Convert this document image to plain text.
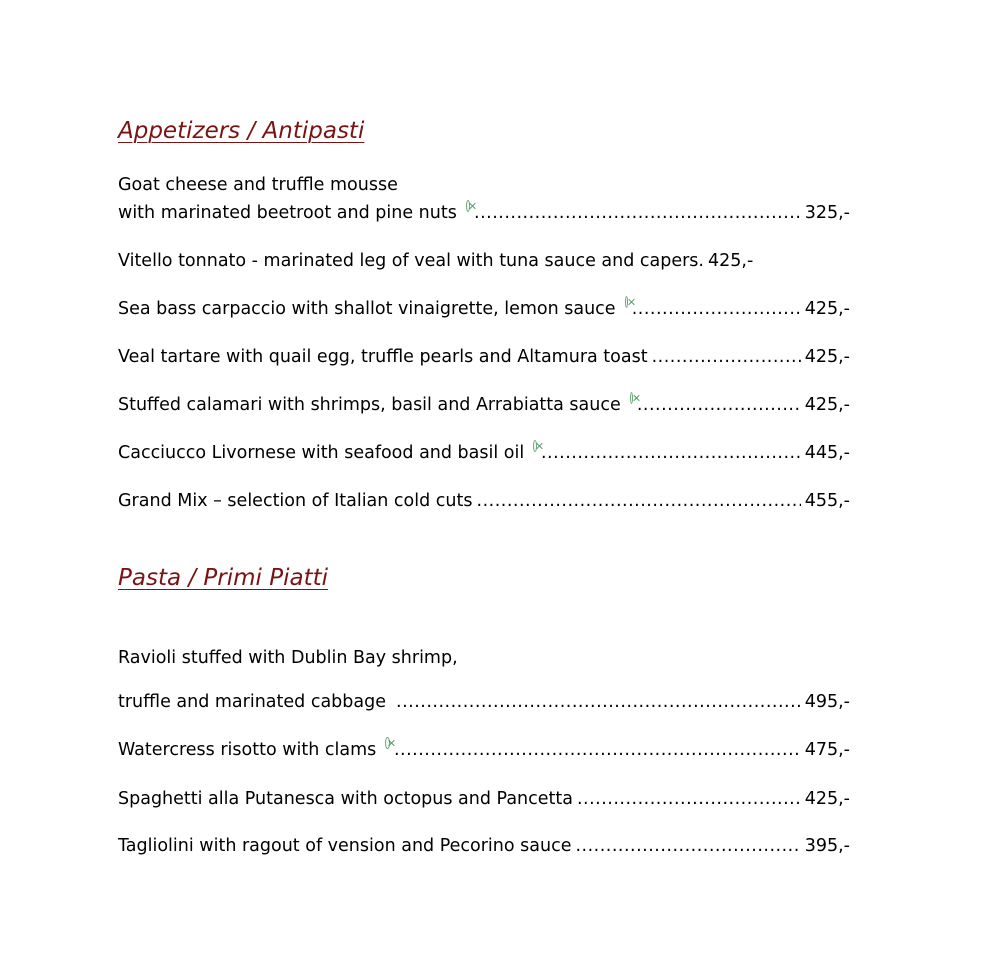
Appetizers / Antipasti
Goat cheese and truffle mousse
with marinated beetroot and pine nuts .....	325,-
Vitello tonnato - marinated leg of veal with tuna sauce and capers. 425,-
Sea bass carpaccio with shallot vinaigrette, lemon sauce .....	425,-
Veal tartare with quail egg, truffle pearls and Altamura toast .....	425,-
Stuffed calamari with shrimps, basil and Arrabiatta sauce .....	425,-
Cacciucco Livornese with seafood and basil oil .....	445,-
Grand Mix – selection of Italian cold cuts .....	455,-
Pasta / Primi Piatti
Ravioli stuffed with Dublin Bay shrimp,
truffle and marinated cabbage .....	495,-
Watercress risotto with clams .....	475,-
Spaghetti alla Putanesca with octopus and Pancetta .....	425,-
Tagliolini with ragout of vension and Pecorino sauce .....	395,-
